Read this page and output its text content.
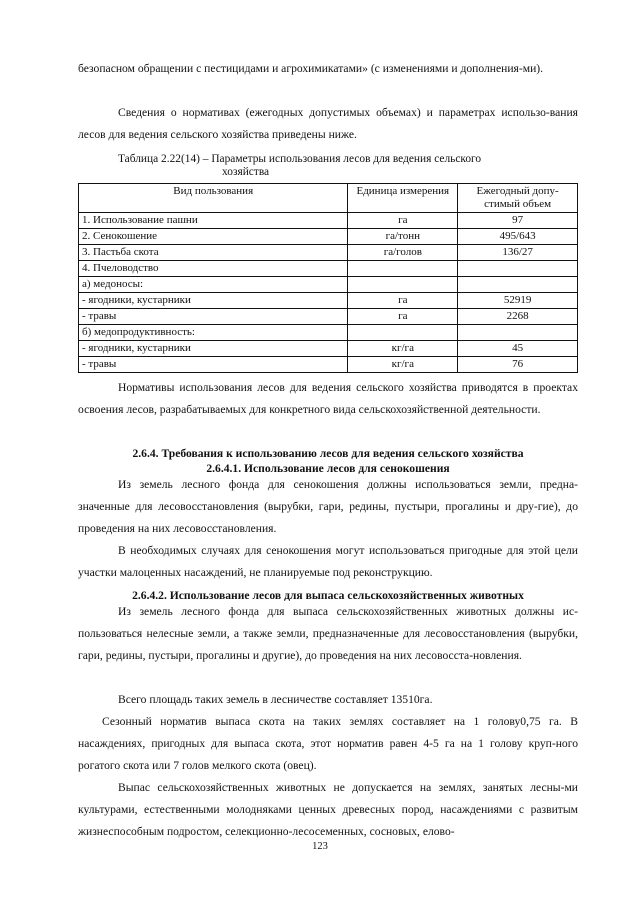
безопасном обращении с пестицидами и агрохимикатами» (с изменениями и дополнения-ми).

Сведения о нормативах (ежегодных допустимых объемах) и параметрах использо-вания лесов для ведения сельского хозяйства приведены ниже.

Таблица 2.22(14) – Параметры использования лесов для ведения сельского
хозяйства
Вид пользования	Единица измерения	Ежегодный допу-стимый объем
1. Использование пашни	га	97
2. Сенокошение	га/тонн	495/643
3. Пастьба скота	га/голов	136/27
4. Пчеловодство		
а) медоносы:		
- ягодники, кустарники	га	52919
- травы	га	2268
б) медопродуктивность:		
- ягодники, кустарники	кг/га	45
- травы	кг/га	76

Нормативы использования лесов для ведения сельского хозяйства приводятся в проектах освоения лесов, разрабатываемых для конкретного вида сельскохозяйственной деятельности.

2.6.4. Требования к использованию лесов для ведения сельского хозяйства
2.6.4.1. Использование лесов для сенокошения

Из земель лесного фонда для сенокошения должны использоваться земли, предна-значенные для лесовосстановления (вырубки, гари, редины, пустыри, прогалины и дру-гие), до проведения на них лесовосстановления.

В необходимых случаях для сенокошения могут использоваться пригодные для этой цели участки малоценных насаждений, не планируемые под реконструкцию.

2.6.4.2. Использование лесов для выпаса сельскохозяйственных животных

Из земель лесного фонда для выпаса сельскохозяйственных животных должны ис-пользоваться нелесные земли, а также земли, предназначенные для лесовосстановления (вырубки, гари, редины, пустыри, прогалины и другие), до проведения на них лесовосста-новления.

Всего площадь таких земель в лесничестве составляет 13510га.

Сезонный норматив выпаса скота на таких землях составляет на 1 голову0,75 га. В насаждениях, пригодных для выпаса скота, этот норматив равен 4-5 га на 1 голову круп-ного рогатого скота или 7 голов мелкого скота (овец).

Выпас сельскохозяйственных животных не допускается на землях, занятых лесны-ми культурами, естественными молодняками ценных древесных пород, насаждениями с развитым жизнеспособным подростом, селекционно-лесосеменных, сосновых, елово-

123
